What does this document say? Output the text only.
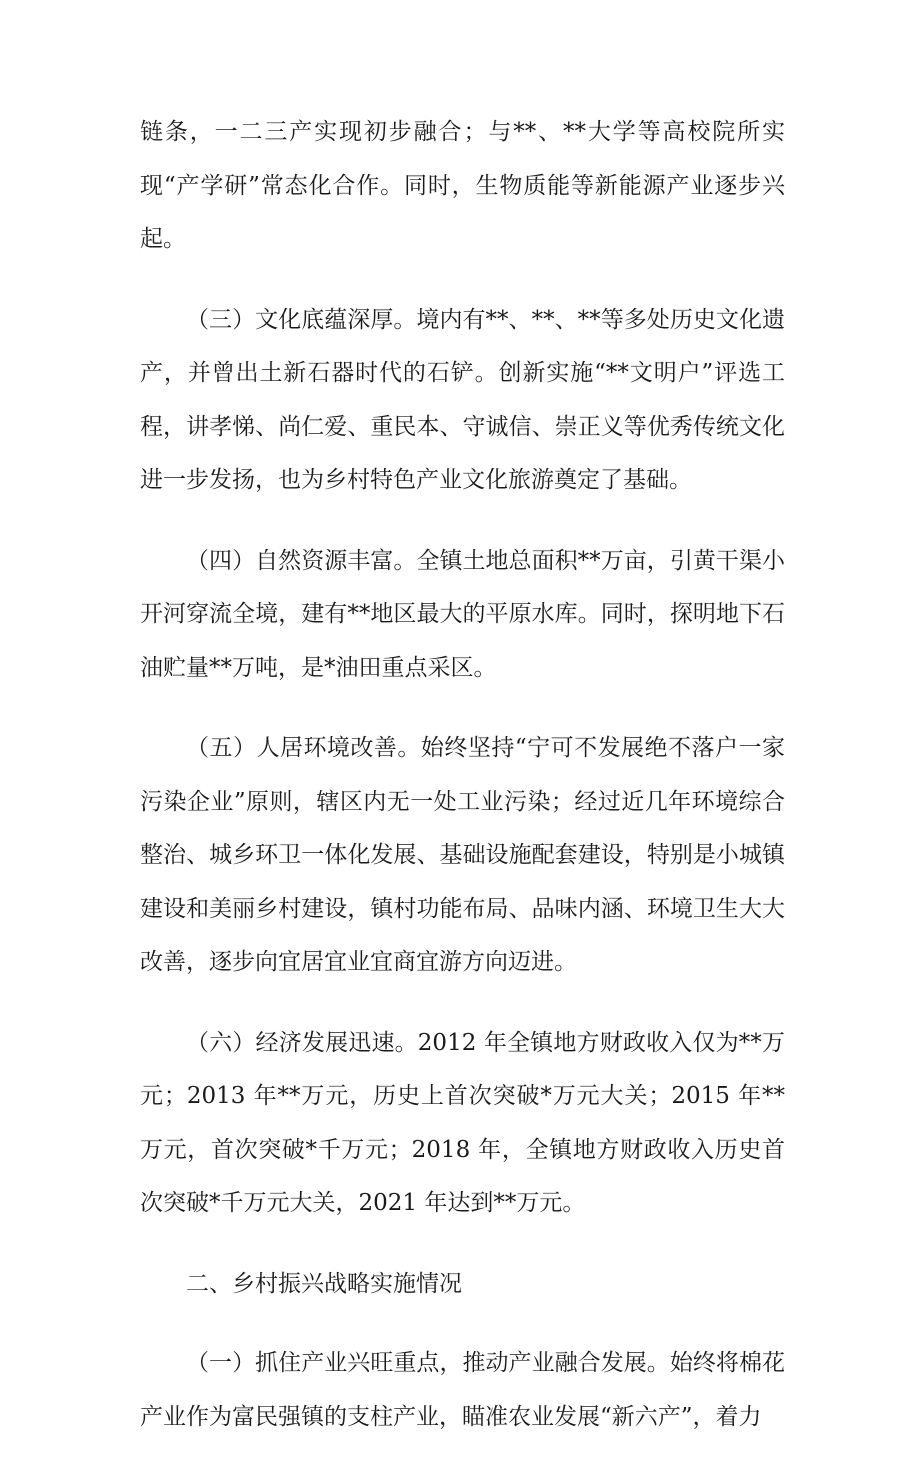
链条，一二三产实现初步融合；与**、**大学等高校院所实现“产学研”常态化合作。同时，生物质能等新能源产业逐步兴起。

（三）文化底蕴深厚。境内有**、**、**等多处历史文化遗产，并曾出土新石器时代的石铲。创新实施“**文明户”评选工程，讲孝悌、尚仁爱、重民本、守诚信、崇正义等优秀传统文化进一步发扬，也为乡村特色产业文化旅游奠定了基础。

（四）自然资源丰富。全镇土地总面积**万亩，引黄干渠小开河穿流全境，建有**地区最大的平原水库。同时，探明地下石油贮量**万吨，是*油田重点采区。

（五）人居环境改善。始终坚持“宁可不发展绝不落户一家污染企业”原则，辖区内无一处工业污染；经过近几年环境综合整治、城乡环卫一体化发展、基础设施配套建设，特别是小城镇建设和美丽乡村建设，镇村功能布局、品味内涵、环境卫生大大改善，逐步向宜居宜业宜商宜游方向迈进。

（六）经济发展迅速。2012 年全镇地方财政收入仅为**万元；2013 年**万元，历史上首次突破*万元大关；2015 年**万元，首次突破*千万元；2018 年，全镇地方财政收入历史首次突破*千万元大关，2021 年达到**万元。

二、乡村振兴战略实施情况

（一）抓住产业兴旺重点，推动产业融合发展。始终将棉花产业作为富民强镇的支柱产业，瞄准农业发展“新六产”，着力
